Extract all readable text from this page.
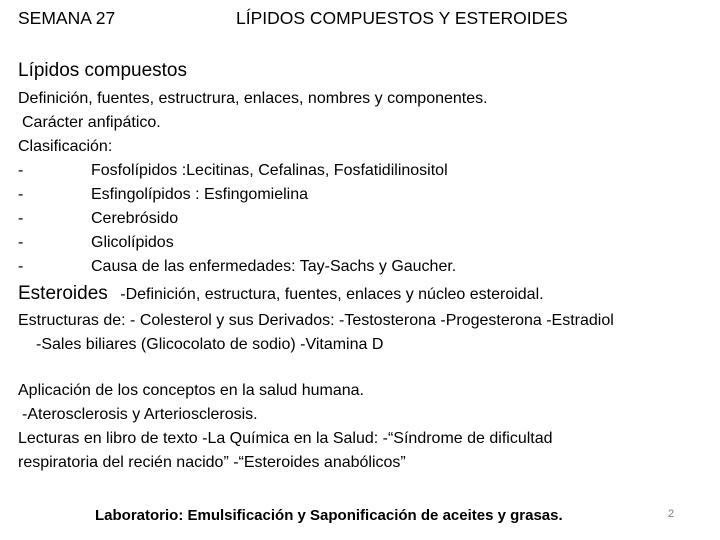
SEMANA 27	LÍPIDOS COMPUESTOS Y ESTEROIDES
Lípidos compuestos
Definición, fuentes, estructrura, enlaces, nombres y componentes.
Carácter anfipático.
Clasificación:
-	Fosfolípidos :Lecitinas, Cefalinas, Fosfatidilinositol
-	Esfingolípidos : Esfingomielina
-	Cerebrósido
-	Glicolípidos
-	Causa de las enfermedades: Tay-Sachs y Gaucher.
Esteroides -Definición, estructura, fuentes, enlaces y núcleo esteroidal.
Estructuras de: - Colesterol y sus Derivados: -Testosterona -Progesterona -Estradiol
-Sales biliares (Glicocolato de sodio) -Vitamina D
Aplicación de los conceptos en la salud humana.
-Aterosclerosis y Arteriosclerosis.
Lecturas en libro de texto -La Química en la Salud: -“Síndrome de dificultad
respiratoria del recién nacido” -“Esteroides anabólicos”
Laboratorio: Emulsificación y Saponificación de aceites y grasas.	2
